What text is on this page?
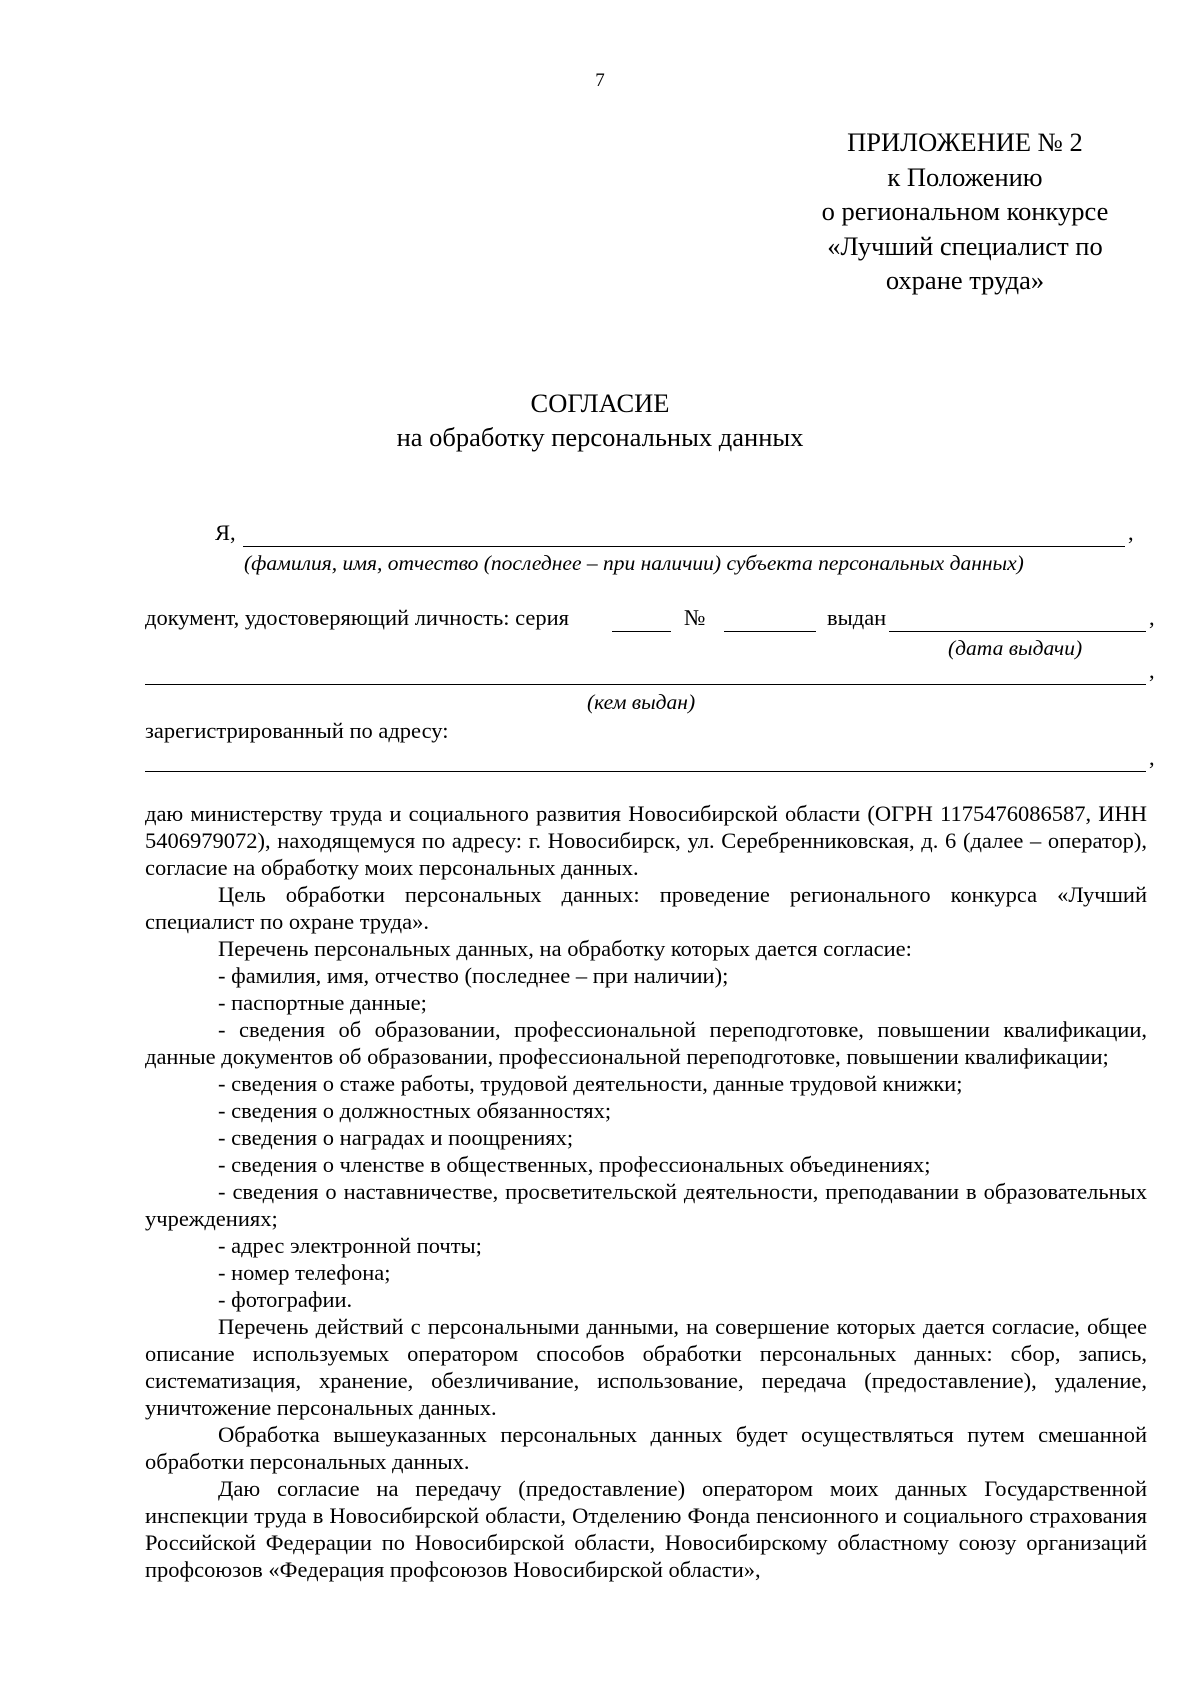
7
ПРИЛОЖЕНИЕ № 2
к Положению
о региональном конкурсе
«Лучший специалист по
охране труда»
СОГЛАСИЕ
на обработку персональных данных
Я,	,
(фамилия, имя, отчество (последнее – при наличии) субъекта персональных данных)
документ, удостоверяющий личность: серия	№	выдан	,
(дата выдачи)
,
(кем выдан)
зарегистрированный по адресу:
,

даю министерству труда и социального развития Новосибирской области (ОГРН 1175476086587, ИНН 5406979072), находящемуся по адресу: г. Новосибирск, ул. Серебренниковская, д. 6 (далее – оператор), согласие на обработку моих персональных данных.

Цель обработки персональных данных: проведение регионального конкурса «Лучший специалист по охране труда».

Перечень персональных данных, на обработку которых дается согласие:

- фамилия, имя, отчество (последнее – при наличии);

- паспортные данные;

- сведения об образовании, профессиональной переподготовке, повышении квалификации, данные документов об образовании, профессиональной переподготовке, повышении квалификации;

- сведения о стаже работы, трудовой деятельности, данные трудовой книжки;

- сведения о должностных обязанностях;

- сведения о наградах и поощрениях;

- сведения о членстве в общественных, профессиональных объединениях;

- сведения о наставничестве, просветительской деятельности, преподавании в образовательных учреждениях;

- адрес электронной почты;

- номер телефона;

- фотографии.

Перечень действий с персональными данными, на совершение которых дается согласие, общее описание используемых оператором способов обработки персональных данных: сбор, запись, систематизация, хранение, обезличивание, использование, передача (предоставление), удаление, уничтожение персональных данных.

Обработка вышеуказанных персональных данных будет осуществляться путем смешанной обработки персональных данных.

Даю согласие на передачу (предоставление) оператором моих данных Государственной инспекции труда в Новосибирской области, Отделению Фонда пенсионного и социального страхования Российской Федерации по Новосибирской области, Новосибирскому областному союзу организаций профсоюзов «Федерация профсоюзов Новосибирской области»,
